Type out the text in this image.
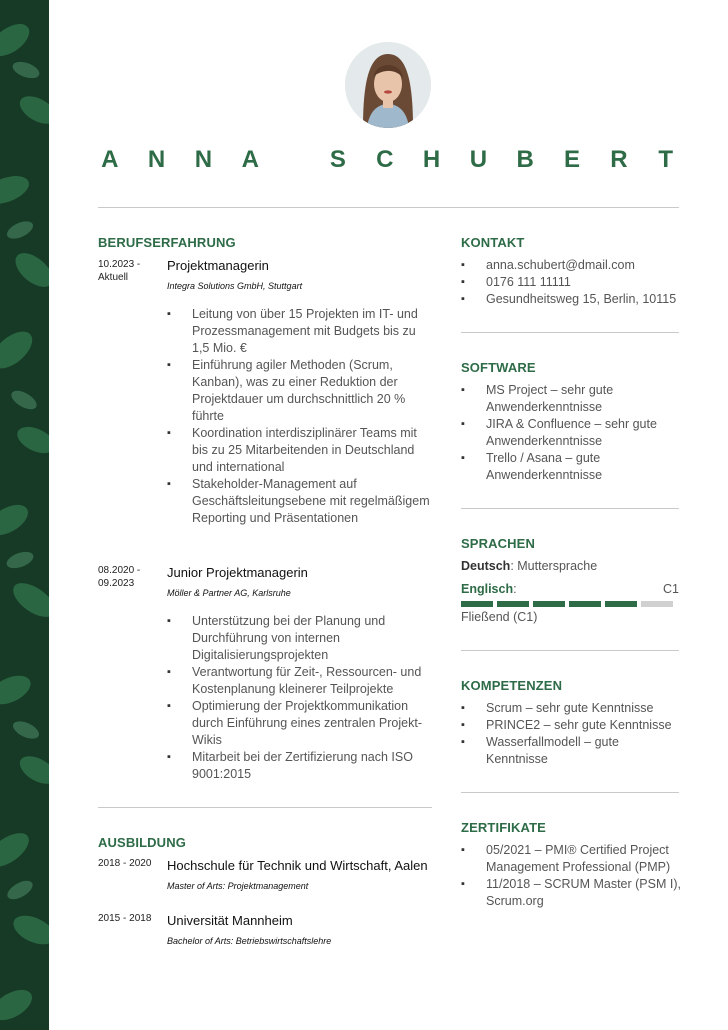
A N N A	S C H U B E R T
BERUFSERFAHRUNG
10.2023 -
Aktuell
Projektmanagerin
Integra Solutions GmbH, Stuttgart
▪ Leitung von über 15 Projekten im IT- und Prozessmanagement mit Budgets bis zu 1,5 Mio. €
▪ Einführung agiler Methoden (Scrum, Kanban), was zu einer Reduktion der Projektdauer um durchschnittlich 20 % führte
▪ Koordination interdisziplinärer Teams mit bis zu 25 Mitarbeitenden in Deutschland und international
▪ Stakeholder-Management auf Geschäftsleitungsebene mit regelmäßigem Reporting und Präsentationen
08.2020 -
09.2023
Junior Projektmanagerin
Möller & Partner AG, Karlsruhe
▪ Unterstützung bei der Planung und Durchführung von internen Digitalisierungsprojekten
▪ Verantwortung für Zeit-, Ressourcen- und Kostenplanung kleinerer Teilprojekte
▪ Optimierung der Projektkommunikation durch Einführung eines zentralen Projekt-Wikis
▪ Mitarbeit bei der Zertifizierung nach ISO 9001:2015
AUSBILDUNG
2018 - 2020	Hochschule für Technik und Wirtschaft, Aalen
Master of Arts: Projektmanagement
2015 - 2018	Universität Mannheim
Bachelor of Arts: Betriebswirtschaftslehre
KONTAKT
▪ anna.schubert@dmail.com
▪ 0176 111 11111
▪ Gesundheitsweg 15, Berlin, 10115
SOFTWARE
▪ MS Project – sehr gute Anwenderkenntnisse
▪ JIRA & Confluence – sehr gute Anwenderkenntnisse
▪ Trello / Asana – gute Anwenderkenntnisse
SPRACHEN
Deutsch: Muttersprache
Englisch:	C1
Fließend (C1)
KOMPETENZEN
▪ Scrum – sehr gute Kenntnisse
▪ PRINCE2 – sehr gute Kenntnisse
▪ Wasserfallmodell – gute Kenntnisse
ZERTIFIKATE
▪ 05/2021 – PMI® Certified Project Management Professional (PMP)
▪ 11/2018 – SCRUM Master (PSM I), Scrum.org
